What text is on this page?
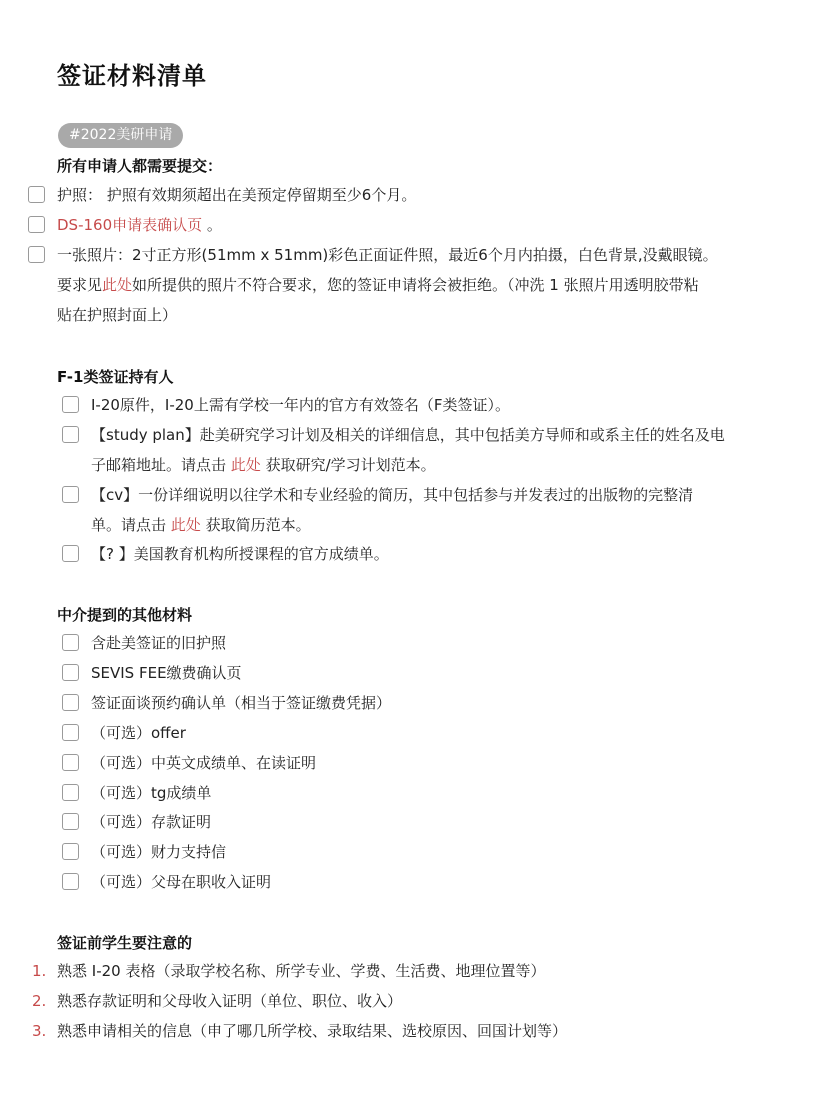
签证材料清单
#2022美研申请
所有申请人都需要提交：
护照： 护照有效期须超出在美预定停留期至少6个月。
DS-160申请表确认页 。
一张照片：2寸正方形(51mm x 51mm)彩色正面证件照，最近6个月内拍摄，白色背景,没戴眼镜。
要求见此处如所提供的照片不符合要求，您的签证申请将会被拒绝。（冲洗 1 张照片用透明胶带粘
贴在护照封面上）
F-1类签证持有人
I-20原件，I-20上需有学校一年内的官方有效签名（F类签证）。
【study plan】赴美研究学习计划及相关的详细信息，其中包括美方导师和或系主任的姓名及电
子邮箱地址。请点击 此处 获取研究/学习计划范本。
【cv】一份详细说明以往学术和专业经验的简历，其中包括参与并发表过的出版物的完整清
单。请点击 此处 获取简历范本。
【? 】美国教育机构所授课程的官方成绩单。
中介提到的其他材料
含赴美签证的旧护照
SEVIS FEE缴费确认页
签证面谈预约确认单（相当于签证缴费凭据）
（可选）offer
（可选）中英文成绩单、在读证明
（可选）tg成绩单
（可选）存款证明
（可选）财力支持信
（可选）父母在职收入证明
签证前学生要注意的
1. 熟悉 I-20 表格（录取学校名称、所学专业、学费、生活费、地理位置等）
2. 熟悉存款证明和父母收入证明（单位、职位、收入）
3. 熟悉申请相关的信息（申了哪几所学校、录取结果、选校原因、回国计划等）
